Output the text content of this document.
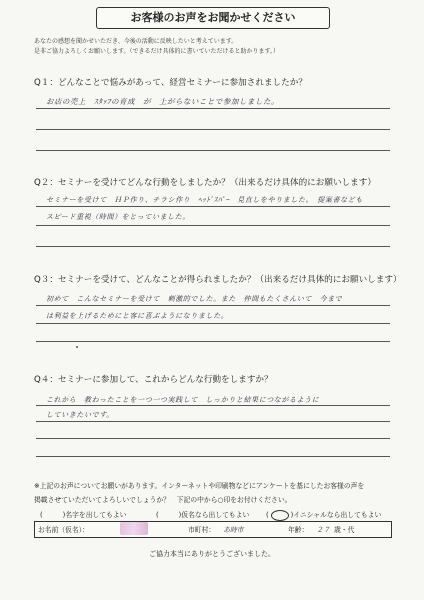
お客様のお声をお聞かせください
あなたの感想を聞かせいただき、今後の活動に反映したいと考えています。
是非ご協力よろしくお願いします。（できるだけ具体的に書いていただけると助かります。）
Q１：どんなことで悩みがあって、経営セミナーに参加されましたか？
お店の売上　ｽﾀｯﾌの育成　が　上がらないことで参加しました。
Q２：セミナーを受けてどんな行動をしましたか？（出来るだけ具体的にお願いします）
セミナーを受けて　ＨＰ作り、チラシ作り　ﾍｯﾄﾞｽﾊﾟｰ　見直しをやりました。　提案書なども
スピード重視（時間）をとっていました。
Q３：セミナーを受けて、どんなことが得られましたか？（出来るだけ具体的にお願いします）
初めて　こんなセミナーを受けて　刺激的でした。また　仲間もたくさんいて　今まで
は利益を上げるためにと客に喜ぶようになりました。
Q４：セミナーに参加して、これからどんな行動をしますか？
これから　教わったことを一つ一つ実践して　しっかりと結果につながるように
していきたいです。
※上記のお声についてお願いがあります。インターネットや印刷物などにアンケートを基にしたお客様の声を
掲載させていただいてよろしいでしょうか？　下記の中から○印をお付けください。
(	)名字を出してもよい	(	)仮名なら出してもよい ( ○ )イニシャルなら出してもよい
お名前（仮名）：	市町村： あ時市	年齢： ２７ 歳・代
ご協力本当にありがとうございました。
